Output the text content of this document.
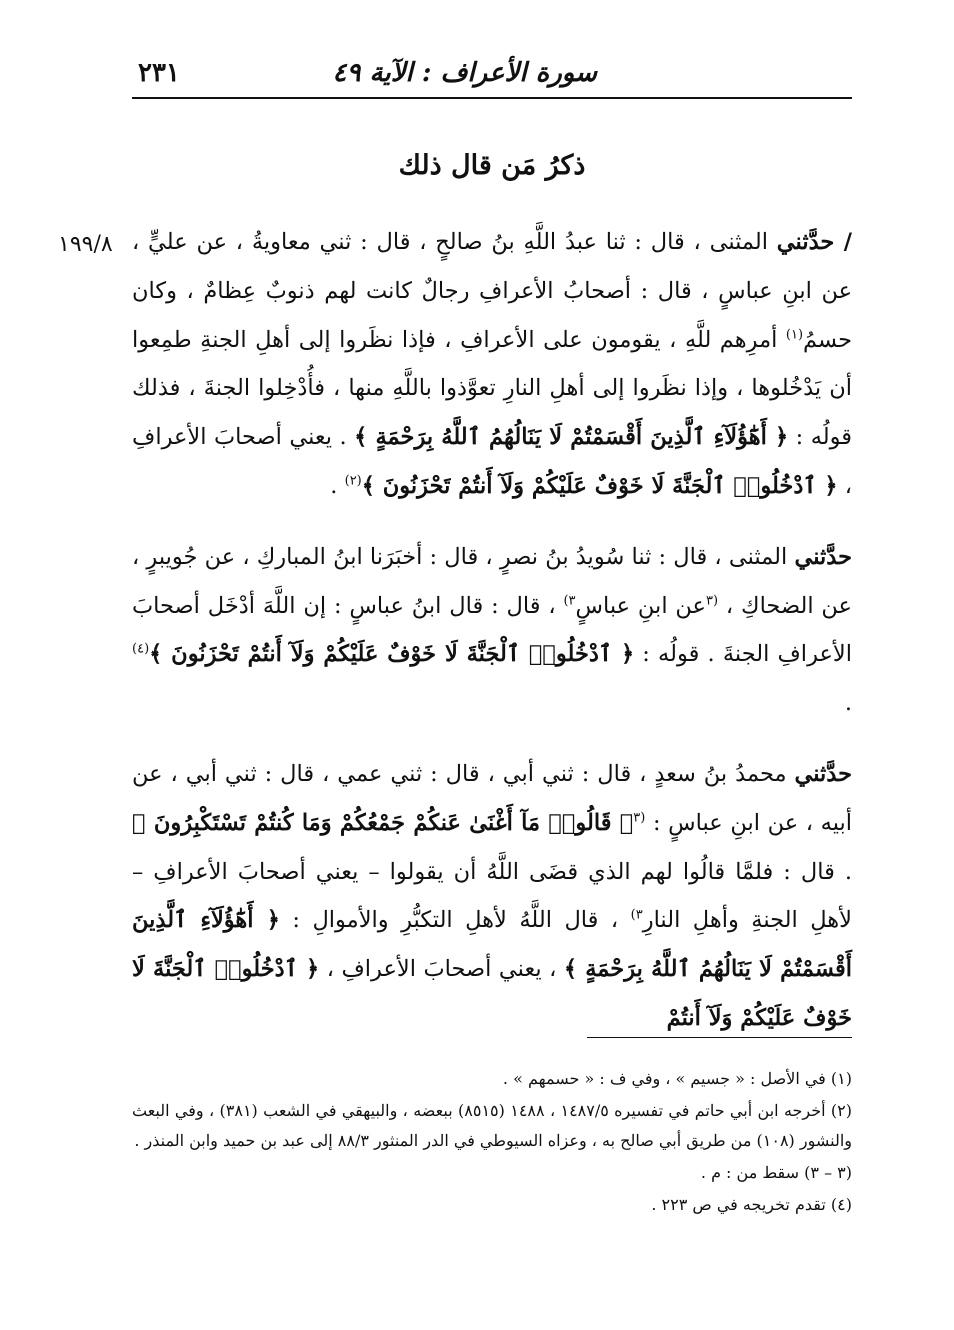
سورة الأعراف : الآية ٤٩
٢٣١
ذكرُ مَن قال ذلك
١٩٩/٨	/ حدَّثني المثنى ، قال : ثنا عبدُ اللَّهِ بنُ صالحٍ ، قال : ثني معاويةُ ، عن عليٍّ ، عن ابنِ عباسٍ ، قال : أصحابُ الأعرافِ رجالٌ كانت لهم ذنوبٌ عِظامٌ ، وكان حسمُ$^{(١)}$ أمرِهم للَّهِ ، يقومون على الأعرافِ ، فإذا نظَروا إلى أهلِ الجنةِ طمِعوا أن يَدْخُلوها ، وإذا نظَروا إلى أهلِ النارِ تعوَّذوا باللَّهِ منها ، فأُدْخِلوا الجنةَ ، فذلك قولُه : ﴿ أَهَٰٓؤُلَآءِ ٱلَّذِينَ أَقْسَمْتُمْ لَا يَنَالُهُمُ ٱللَّهُ بِرَحْمَةٍ ﴾ . يعني أصحابَ الأعرافِ ، ﴿ ٱدْخُلُوا۟ ٱلْجَنَّةَ لَا خَوْفٌ عَلَيْكُمْ وَلَآ أَنتُمْ تَحْزَنُونَ ﴾$^{(٢)}$ .

حدَّثني المثنى ، قال : ثنا سُويدُ بنُ نصرٍ ، قال : أخبَرَنا ابنُ المباركِ ، عن جُويبرٍ ، عن الضحاكِ ، $^{(٣}$عن ابنِ عباسٍ$^{٣)}$ ، قال : قال ابنُ عباسٍ : إن اللَّهَ أدْخَل أصحابَ الأعرافِ الجنةَ . قولُه : ﴿ ٱدْخُلُوا۟ ٱلْجَنَّةَ لَا خَوْفٌ عَلَيْكُمْ وَلَآ أَنتُمْ تَحْزَنُونَ ﴾$^{(٤)}$ .

حدَّثني محمدُ بنُ سعدٍ ، قال : ثني أبي ، قال : ثني عمي ، قال : ثني أبي ، عن أبيه ، عن ابنِ عباسٍ : $^{(٣}$﴿ قَالُوا۟ مَآ أَغْنَىٰ عَنكُمْ جَمْعُكُمْ وَمَا كُنتُمْ تَسْتَكْبِرُونَ ﴾ . قال : فلمَّا قالُوا لهم الذي قضَى اللَّهُ أن يقولوا – يعني أصحابَ الأعرافِ – لأهلِ الجنةِ وأهلِ النارِ$^{٣)}$ ، قال اللَّهُ لأهلِ التكبُّرِ والأموالِ : ﴿ أَهَٰٓؤُلَآءِ ٱلَّذِينَ أَقْسَمْتُمْ لَا يَنَالُهُمُ ٱللَّهُ بِرَحْمَةٍ ﴾ ، يعني أصحابَ الأعرافِ ، ﴿ ٱدْخُلُوا۟ ٱلْجَنَّةَ لَا خَوْفٌ عَلَيْكُمْ وَلَآ أَنتُمْ

(١) في الأصل : « جسيم » ، وفي ف : « حسمهم » .

(٢) أخرجه ابن أبي حاتم في تفسيره ١٤٨٧/٥ ، ١٤٨٨ (٨٥١٥) ببعضه ، والبيهقي في الشعب (٣٨١) ، وفي البعث والنشور (١٠٨) من طريق أبي صالح به ، وعزاه السيوطي في الدر المنثور ٨٨/٣ إلى عبد بن حميد وابن المنذر .

(٣ – ٣) سقط من : م .

(٤) تقدم تخريجه في ص ٢٢٣ .
